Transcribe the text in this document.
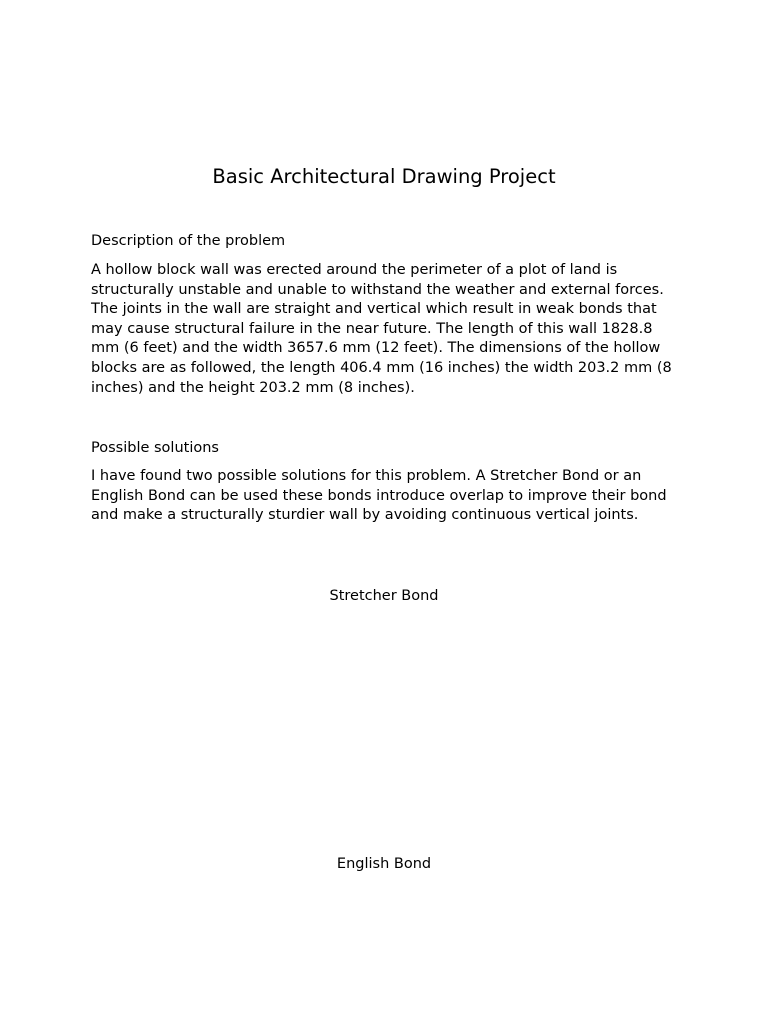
Basic Architectural Drawing Project

Description of the problem

A hollow block wall was erected around the perimeter of a plot of land is structurally unstable and unable to withstand the weather and external forces. The joints in the wall are straight and vertical which result in weak bonds that may cause structural failure in the near future. The length of this wall 1828.8 mm (6 feet) and the width 3657.6 mm (12 feet). The dimensions of the hollow blocks are as followed, the length 406.4 mm (16 inches) the width 203.2 mm (8 inches) and the height 203.2 mm (8 inches).

Possible solutions

I have found two possible solutions for this problem. A Stretcher Bond or an English Bond can be used these bonds introduce overlap to improve their bond and make a structurally sturdier wall by avoiding continuous vertical joints.

Stretcher Bond

English Bond
